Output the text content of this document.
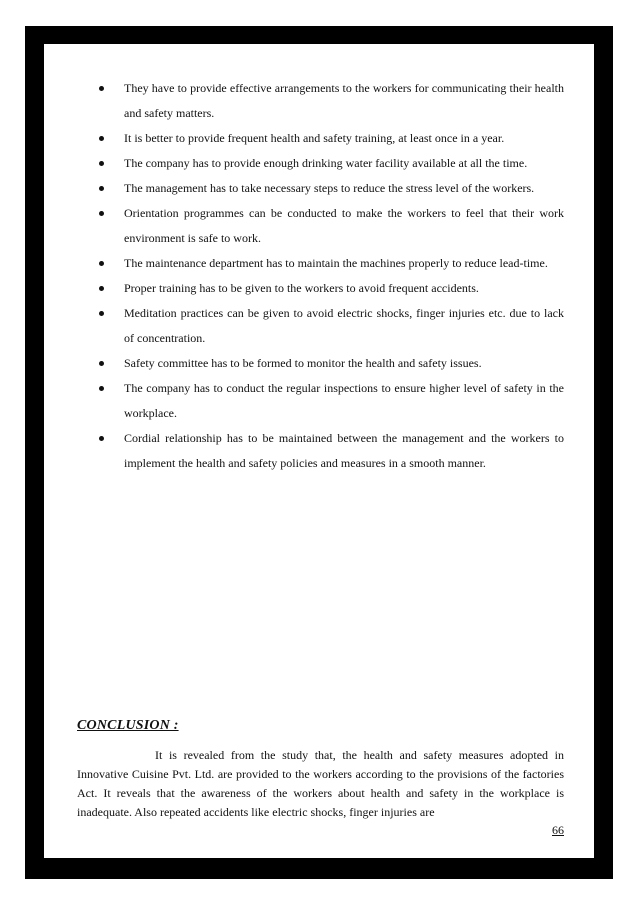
They have to provide effective arrangements to the workers for communicating their health and safety matters.
It is better to provide frequent health and safety training, at least once in a year.
The company has to provide enough drinking water facility available at all the time.
The management has to take necessary steps to reduce the stress level of the workers.
Orientation programmes can be conducted to make the workers to feel that their work environment is safe to work.
The maintenance department has to maintain the machines properly to reduce lead-time.
Proper training has to be given to the workers to avoid frequent accidents.
Meditation practices can be given to avoid electric shocks, finger injuries etc. due to lack of concentration.
Safety committee has to be formed to monitor the health and safety issues.
The company has to conduct the regular inspections to ensure higher level of safety in the workplace.
Cordial relationship has to be maintained between the management and the workers to implement the health and safety policies and measures in a smooth manner.
CONCLUSION :

It is revealed from the study that, the health and safety measures adopted in Innovative Cuisine Pvt. Ltd. are provided to the workers according to the provisions of the factories Act. It reveals that the awareness of the workers about health and safety in the workplace is inadequate. Also repeated accidents like electric shocks, finger injuries are

66
